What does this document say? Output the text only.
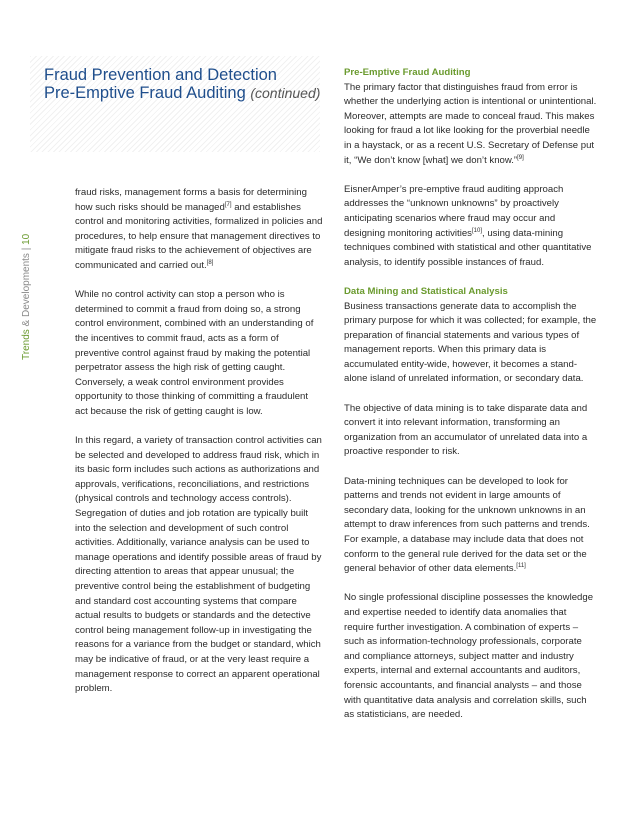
Fraud Prevention and Detection
Pre-Emptive Fraud Auditing (continued)
Trends & Developments | 10

fraud risks, management forms a basis for determining how such risks should be managed[7] and establishes control and monitoring activities, formalized in policies and procedures, to help ensure that management directives to mitigate fraud risks to the achievement of objectives are communicated and carried out.[8]

While no control activity can stop a person who is determined to commit a fraud from doing so, a strong control environment, combined with an understanding of the incentives to commit fraud, acts as a form of preventive control against fraud by making the potential perpetrator assess the high risk of getting caught. Conversely, a weak control environment provides opportunity to those thinking of committing a fraudulent act because the risk of getting caught is low.

In this regard, a variety of transaction control activities can be selected and developed to address fraud risk, which in its basic form includes such actions as authorizations and approvals, verifications, reconciliations, and restrictions (physical controls and technology access controls). Segregation of duties and job rotation are typically built into the selection and development of such control activities. Additionally, variance analysis can be used to manage operations and identify possible areas of fraud by directing attention to areas that appear unusual; the preventive control being the establishment of budgeting and standard cost accounting systems that compare actual results to budgets or standards and the detective control being management follow-up in investigating the reasons for a variance from the budget or standard, which may be indicative of fraud, or at the very least require a management response to correct an apparent operational problem.

Pre-Emptive Fraud Auditing

The primary factor that distinguishes fraud from error is whether the underlying action is intentional or unintentional. Moreover, attempts are made to conceal fraud. This makes looking for fraud a lot like looking for the proverbial needle in a haystack, or as a recent U.S. Secretary of Defense put it, “We don’t know [what] we don’t know.”[9]

EisnerAmper’s pre-emptive fraud auditing approach addresses the “unknown unknowns” by proactively anticipating scenarios where fraud may occur and designing monitoring activities[10], using data-mining techniques combined with statistical and other quantitative analysis, to identify possible instances of fraud.

Data Mining and Statistical Analysis

Business transactions generate data to accomplish the primary purpose for which it was collected; for example, the preparation of financial statements and various types of management reports. When this primary data is accumulated entity-wide, however, it becomes a stand-alone island of unrelated information, or secondary data.

The objective of data mining is to take disparate data and convert it into relevant information, transforming an organization from an accumulator of unrelated data into a proactive responder to risk.

Data-mining techniques can be developed to look for patterns and trends not evident in large amounts of secondary data, looking for the unknown unknowns in an attempt to draw inferences from such patterns and trends. For example, a database may include data that does not conform to the general rule derived for the data set or the general behavior of other data elements.[11]

No single professional discipline possesses the knowledge and expertise needed to identify data anomalies that require further investigation. A combination of experts – such as information-technology professionals, corporate and compliance attorneys, subject matter and industry experts, internal and external accountants and auditors, forensic accountants, and financial analysts – and those with quantitative data analysis and correlation skills, such as statisticians, are needed.
